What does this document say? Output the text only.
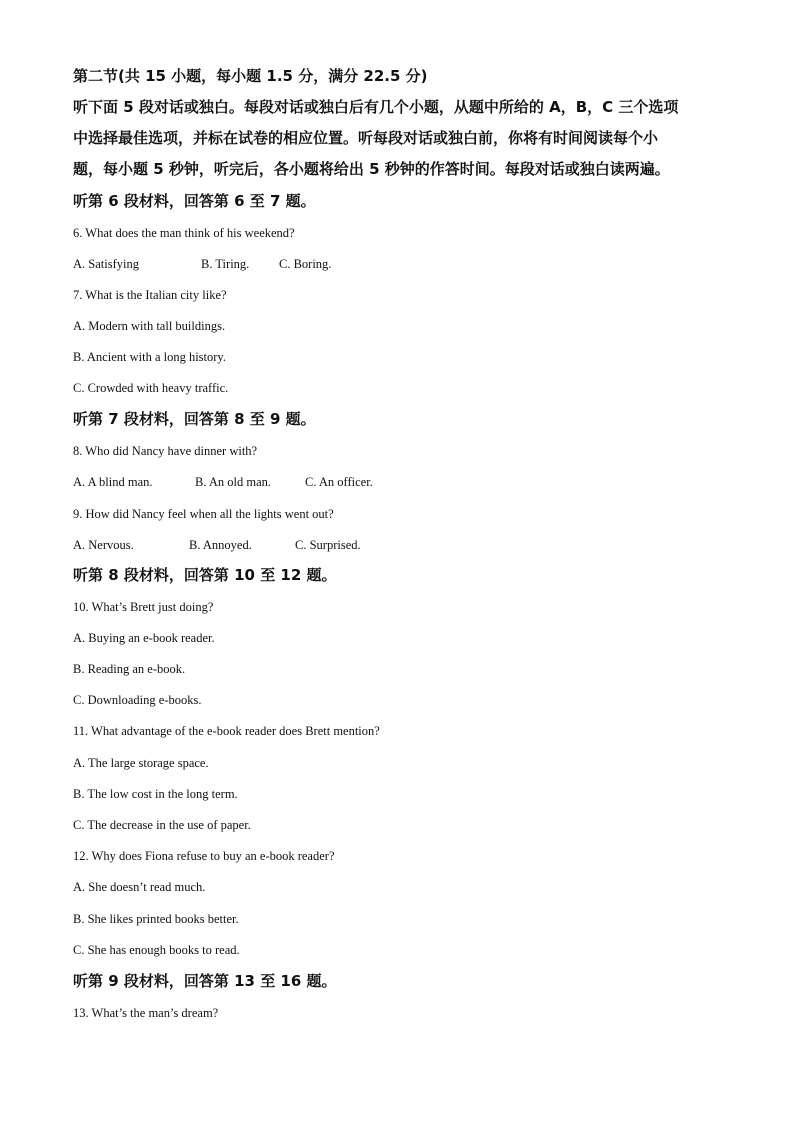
第二节(共 15 小题，每小题 1.5 分，满分 22.5 分)
听下面 5 段对话或独白。每段对话或独白后有几个小题，从题中所给的 A，B，C 三个选项
中选择最佳选项，并标在试卷的相应位置。听每段对话或独白前，你将有时间阅读每个小
题，每小题 5 秒钟，听完后，各小题将给出 5 秒钟的作答时间。每段对话或独白读两遍。
听第 6 段材料，回答第 6 至 7 题。
6. What does the man think of his weekend?
A. Satisfying	B. Tiring. C. Boring.
7. What is the Italian city like?
A. Modern with tall buildings.
B. Ancient with a long history.
C. Crowded with heavy traffic.
听第 7 段材料，回答第 8 至 9 题。
8. Who did Nancy have dinner with?
A. A blind man.	B. An old man.	C. An officer.
9. How did Nancy feel when all the lights went out?
A. Nervous.	B. Annoyed.	C. Surprised.
听第 8 段材料，回答第 10 至 12 题。
10. What’s Brett just doing?
A. Buying an e-book reader.
B. Reading an e-book.
C. Downloading e-books.
11. What advantage of the e-book reader does Brett mention?
A. The large storage space.
B. The low cost in the long term.
C. The decrease in the use of paper.
12. Why does Fiona refuse to buy an e-book reader?
A. She doesn’t read much.
B. She likes printed books better.
C. She has enough books to read.
听第 9 段材料，回答第 13 至 16 题。
13. What’s the man’s dream?
